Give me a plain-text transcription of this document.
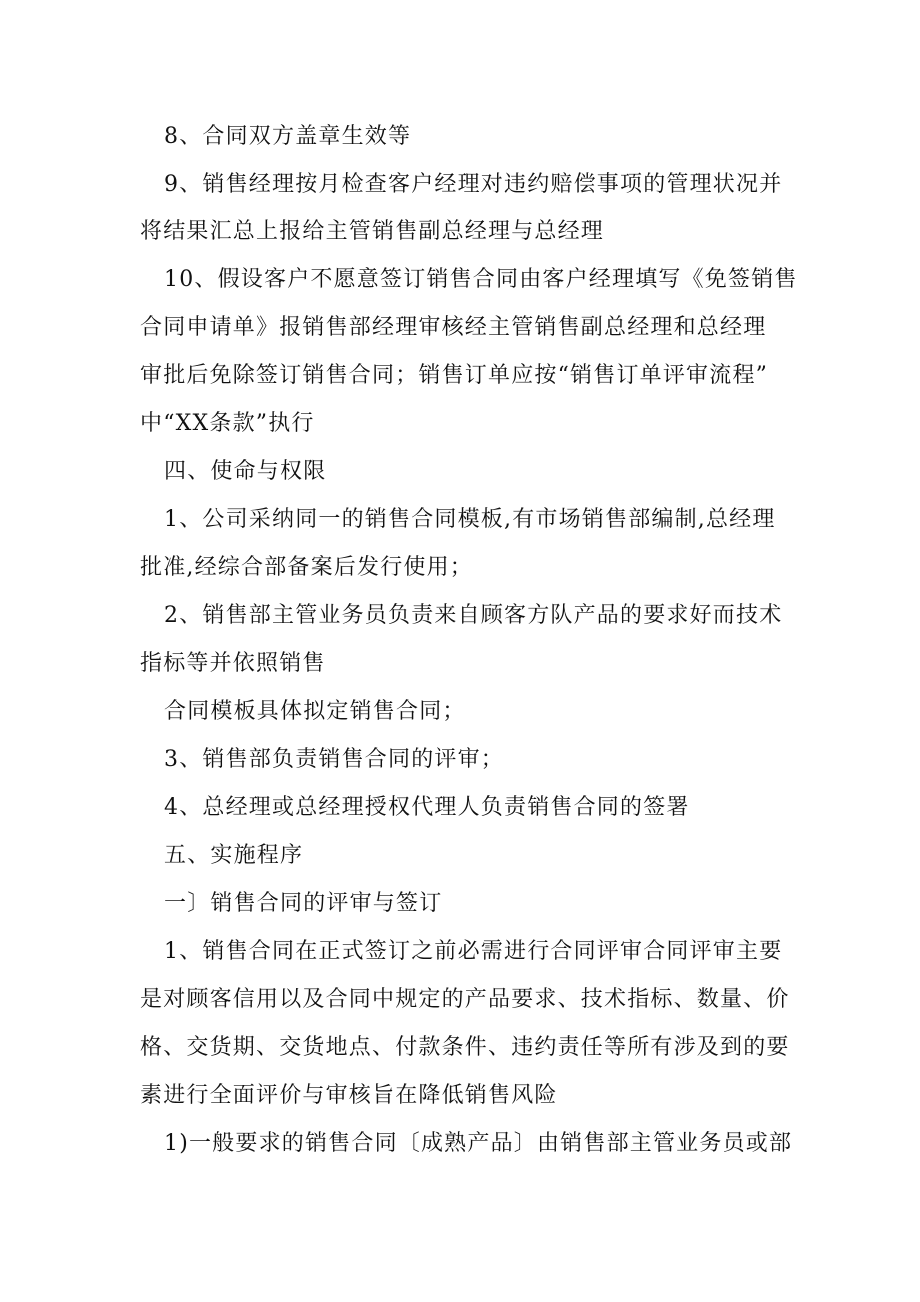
8、合同双方盖章生效等
9、销售经理按月检查客户经理对违约赔偿事项的管理状况并
将结果汇总上报给主管销售副总经理与总经理
10、假设客户不愿意签订销售合同由客户经理填写《免签销售
合同申请单》报销售部经理审核经主管销售副总经理和总经理
审批后免除签订销售合同；销售订单应按“销售订单评审流程”
中“XX条款”执行
四、使命与权限
1、公司采纳同一的销售合同模板,有市场销售部编制,总经理
批准,经综合部备案后发行使用；
2、销售部主管业务员负责来自顾客方队产品的要求好而技术
指标等并依照销售
合同模板具体拟定销售合同；
3、销售部负责销售合同的评审；
4、总经理或总经理授权代理人负责销售合同的签署
五、实施程序
一〕销售合同的评审与签订
1、销售合同在正式签订之前必需进行合同评审合同评审主要
是对顾客信用以及合同中规定的产品要求、技术指标、数量、价
格、交货期、交货地点、付款条件、违约责任等所有涉及到的要
素进行全面评价与审核旨在降低销售风险
1)一般要求的销售合同〔成熟产品〕由销售部主管业务员或部
